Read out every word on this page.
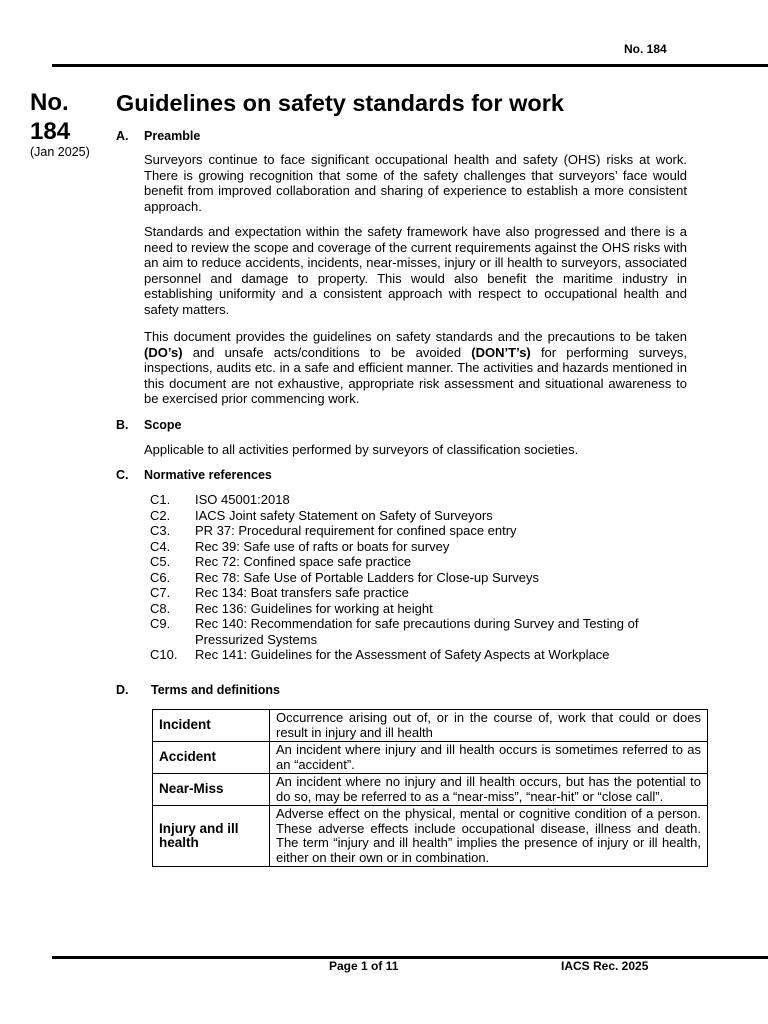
No. 184
No.
184
(Jan 2025)
Guidelines on safety standards for work
A. Preamble
Surveyors continue to face significant occupational health and safety (OHS) risks at work. There is growing recognition that some of the safety challenges that surveyors’ face would benefit from improved collaboration and sharing of experience to establish a more consistent approach.
Standards and expectation within the safety framework have also progressed and there is a need to review the scope and coverage of the current requirements against the OHS risks with an aim to reduce accidents, incidents, near-misses, injury or ill health to surveyors, associated personnel and damage to property. This would also benefit the maritime industry in establishing uniformity and a consistent approach with respect to occupational health and safety matters.
This document provides the guidelines on safety standards and the precautions to be taken (DO’s) and unsafe acts/conditions to be avoided (DON’T’s) for performing surveys, inspections, audits etc. in a safe and efficient manner. The activities and hazards mentioned in this document are not exhaustive, appropriate risk assessment and situational awareness to be exercised prior commencing work.
B. Scope
Applicable to all activities performed by surveyors of classification societies.
C. Normative references
C1.	ISO 45001:2018
C2.	IACS Joint safety Statement on Safety of Surveyors
C3.	PR 37: Procedural requirement for confined space entry
C4.	Rec 39: Safe use of rafts or boats for survey
C5.	Rec 72: Confined space safe practice
C6.	Rec 78: Safe Use of Portable Ladders for Close-up Surveys
C7.	Rec 134: Boat transfers safe practice
C8.	Rec 136: Guidelines for working at height
C9.	Rec 140: Recommendation for safe precautions during Survey and Testing of Pressurized Systems
C10.	Rec 141: Guidelines for the Assessment of Safety Aspects at Workplace
D. Terms and definitions
Incident	Occurrence arising out of, or in the course of, work that could or does result in injury and ill health
Accident	An incident where injury and ill health occurs is sometimes referred to as an “accident”.
Near-Miss	An incident where no injury and ill health occurs, but has the potential to do so, may be referred to as a “near-miss”, “near-hit” or “close call”.
Injury and ill health	Adverse effect on the physical, mental or cognitive condition of a person. These adverse effects include occupational disease, illness and death. The term “injury and ill health” implies the presence of injury or ill health, either on their own or in combination.
Page 1 of 11	IACS Rec. 2025
